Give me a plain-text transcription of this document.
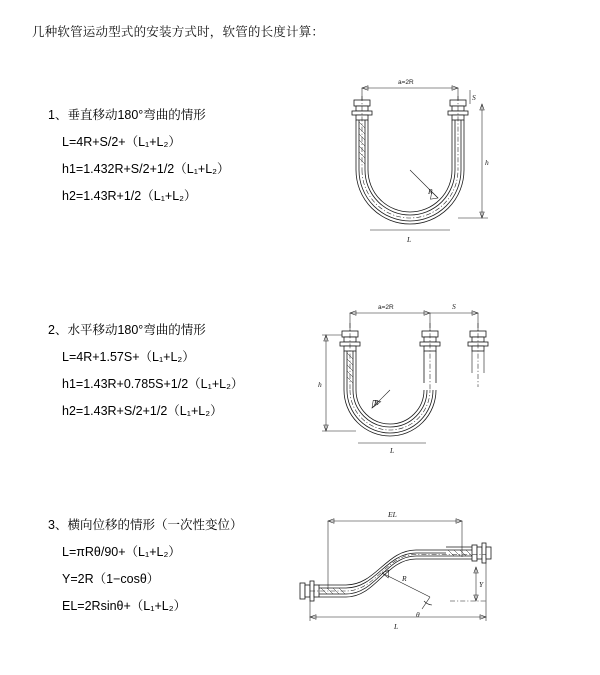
几种软管运动型式的安装方式时，软管的长度计算：

1、垂直移动180°弯曲的情形

L=4R+S/2+（L₁+L₂）

h1=1.432R+S/2+1/2（L₁+L₂）

h2=1.43R+1/2（L₁+L₂）

a=2R
R
h
S
L

2、水平移动180°弯曲的情形

L=4R+1.57S+（L₁+L₂）

h1=1.43R+0.785S+1/2（L₁+L₂）

h2=1.43R+S/2+1/2（L₁+L₂）

a=2R	S
R
h
L

3、横向位移的情形（一次性变位）

L=πRθ/90+（L₁+L₂）

Y=2R（1−cosθ）

EL=2Rsinθ+（L₁+L₂）

EL
R
θ
Y
L
